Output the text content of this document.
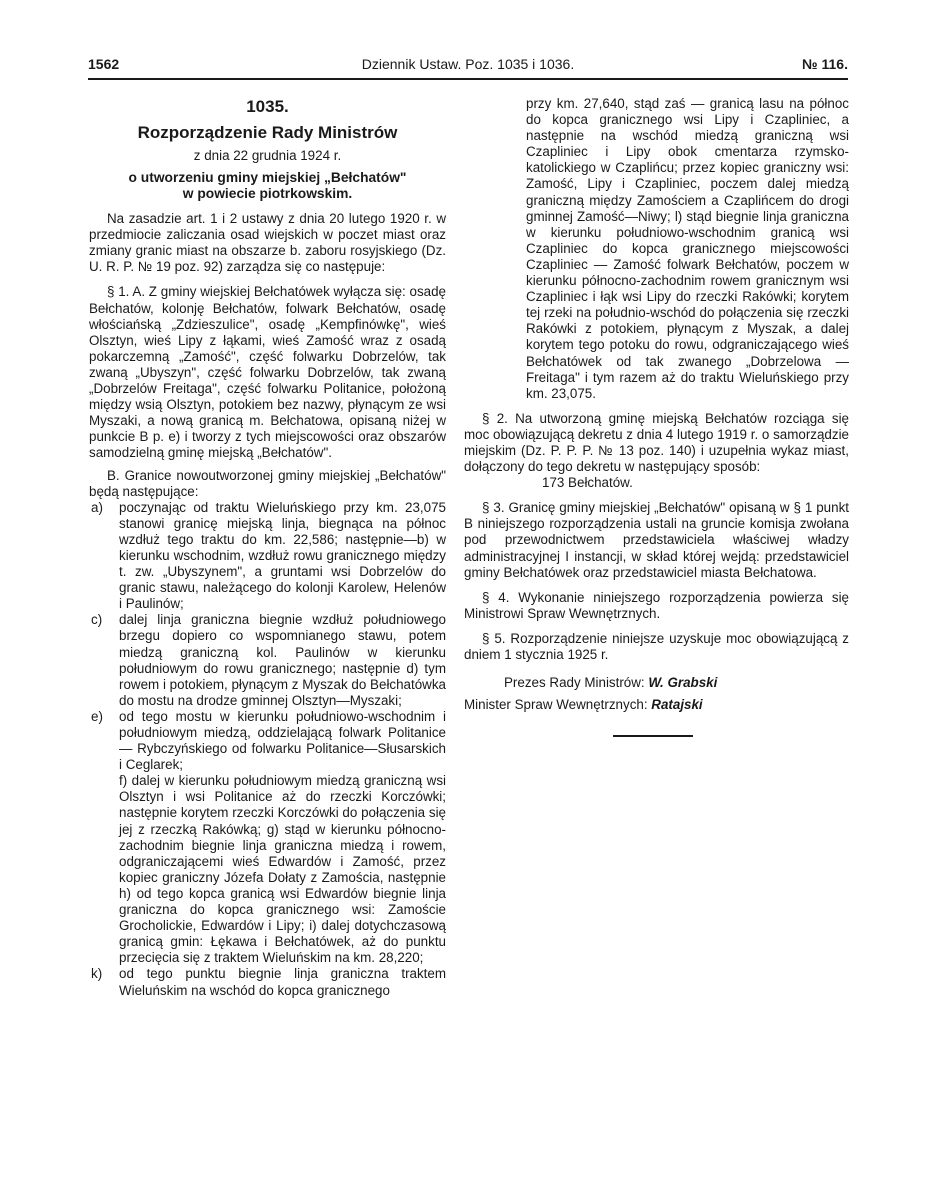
1562	Dziennik Ustaw. Poz. 1035 i 1036.	№ 116.

1035.

Rozporządzenie Rady Ministrów

z dnia 22 grudnia 1924 r.

o utworzeniu gminy miejskiej „Bełchatów"

w powiecie piotrkowskim.

Na zasadzie art. 1 i 2 ustawy z dnia 20 lutego 1920 r. w przedmiocie zaliczania osad wiejskich w poczet miast oraz zmiany granic miast na obszarze b. zaboru rosyjskiego (Dz. U. R. P. № 19 poz. 92) zarządza się co następuje:

§ 1. A. Z gminy wiejskiej Bełchatówek wyłącza się: osadę Bełchatów, kolonję Bełchatów, folwark Bełchatów, osadę włościańską „Zdzieszulice", osadę „Kempfinówkę", wieś Olsztyn, wieś Lipy z łąkami, wieś Zamość wraz z osadą pokarczemną „Zamość", część folwarku Dobrzelów, tak zwaną „Ubyszyn", część folwarku Dobrzelów, tak zwaną „Dobrzelów Freitaga", część folwarku Politanice, położoną między wsią Olsztyn, potokiem bez nazwy, płynącym ze wsi Myszaki, a nową granicą m. Bełchatowa, opisaną niżej w punkcie B p. e) i tworzy z tych miejscowości oraz obszarów samodzielną gminę miejską „Bełchatów".

B. Granice nowoutworzonej gminy miejskiej „Bełchatów" będą następujące:

a) poczynając od traktu Wieluńskiego przy km. 23,075 stanowi granicę miejską linja, biegnąca na północ wzdłuż tego traktu do km. 22,586; następnie—b) w kierunku wschodnim, wzdłuż rowu granicznego między t. zw. „Ubyszynem", a gruntami wsi Dobrzelów do granic stawu, należącego do kolonji Karolew, Helenów i Paulinów;
c) dalej linja graniczna biegnie wzdłuż południowego brzegu dopiero co wspomnianego stawu, potem miedzą graniczną kol. Paulinów w kierunku południowym do rowu granicznego; następnie d) tym rowem i potokiem, płynącym z Myszak do Bełchatówka do mostu na drodze gminnej Olsztyn—Myszaki;
e) od tego mostu w kierunku południowo-wschodnim i południowym miedzą, oddzielającą folwark Politanice — Rybczyńskiego od folwarku Politanice—Słusarskich i Ceglarek;

f) dalej w kierunku południowym miedzą graniczną wsi Olsztyn i wsi Politanice aż do rzeczki Korczówki; następnie korytem rzeczki Korczówki do połączenia się jej z rzeczką Rakówką; g) stąd w kierunku północno-zachodnim biegnie linja graniczna miedzą i rowem, odgraniczającemi wieś Edwardów i Zamość, przez kopiec graniczny Józefa Dołaty z Zamościa, następnie h) od tego kopca granicą wsi Edwardów biegnie linja graniczna do kopca granicznego wsi: Zamoście Grocholickie, Edwardów i Lipy; i) dalej dotychczasową granicą gmin: Łękawa i Bełchatówek, aż do punktu przecięcia się z traktem Wieluńskim na km. 28,220;

k) od tego punktu biegnie linja graniczna traktem Wieluńskim na wschód do kopca granicznego

przy km. 27,640, stąd zaś — granicą lasu na północ do kopca granicznego wsi Lipy i Czapliniec, a następnie na wschód miedzą graniczną wsi Czapliniec i Lipy obok cmentarza rzymsko-katolickiego w Czaplińcu; przez kopiec graniczny wsi: Zamość, Lipy i Czapliniec, poczem dalej miedzą graniczną między Zamościem a Czaplińcem do drogi gminnej Zamość—Niwy; l) stąd biegnie linja graniczna w kierunku południowo-wschodnim granicą wsi Czapliniec do kopca granicznego miejscowości Czapliniec — Zamość folwark Bełchatów, poczem w kierunku północno-zachodnim rowem granicznym wsi Czapliniec i łąk wsi Lipy do rzeczki Rakówki; korytem tej rzeki na południo-wschód do połączenia się rzeczki Rakówki z potokiem, płynącym z Myszak, a dalej korytem tego potoku do rowu, odgraniczającego wieś Bełchatówek od tak zwanego „Dobrzelowa — Freitaga" i tym razem aż do traktu Wieluńskiego przy km. 23,075.

§ 2. Na utworzoną gminę miejską Bełchatów rozciąga się moc obowiązującą dekretu z dnia 4 lutego 1919 r. o samorządzie miejskim (Dz. P. P. P. № 13 poz. 140) i uzupełnia wykaz miast, dołączony do tego dekretu w następujący sposób:

173 Bełchatów.

§ 3. Granicę gminy miejskiej „Bełchatów" opisaną w § 1 punkt B niniejszego rozporządzenia ustali na gruncie komisja zwołana pod przewodnictwem przedstawiciela właściwej władzy administracyjnej I instancji, w skład której wejdą: przedstawiciel gminy Bełchatówek oraz przedstawiciel miasta Bełchatowa.

§ 4. Wykonanie niniejszego rozporządzenia powierza się Ministrowi Spraw Wewnętrznych.

§ 5. Rozporządzenie niniejsze uzyskuje moc obowiązującą z dniem 1 stycznia 1925 r.

Prezes Rady Ministrów: W. Grabski

Minister Spraw Wewnętrznych: Ratajski
